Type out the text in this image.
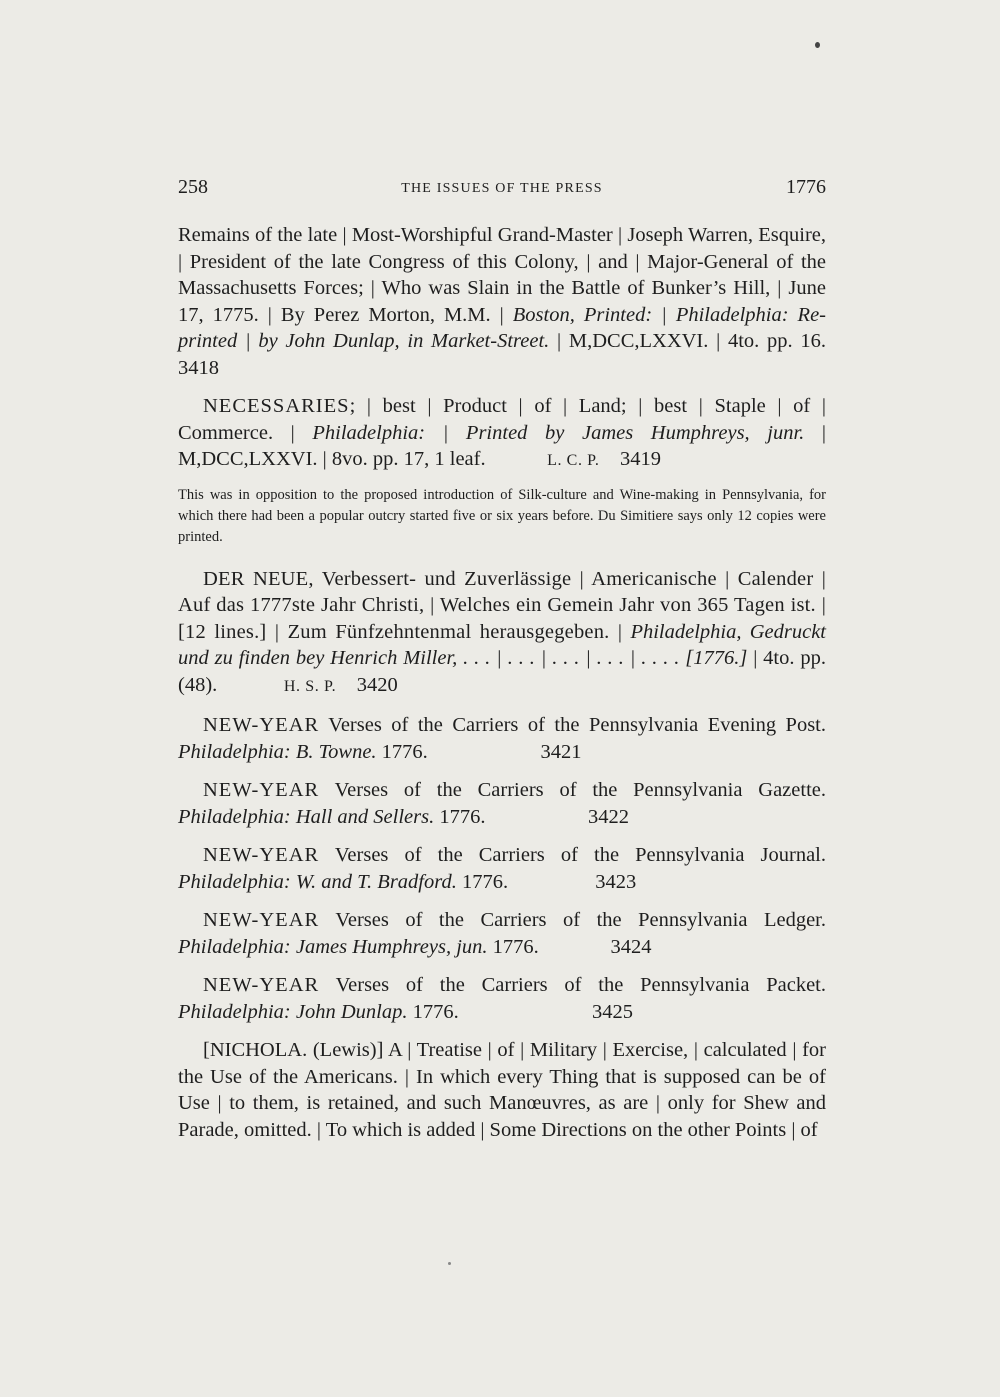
258	THE ISSUES OF THE PRESS	1776

Remains of the late | Most-Worshipful Grand-Master | Joseph Warren, Esquire, | President of the late Congress of this Colony, | and | Major-General of the Massachusetts Forces; | Who was Slain in the Battle of Bunker’s Hill, | June 17, 1775. | By Perez Morton, M.M. | Boston, Printed: | Philadelphia: Re-printed | by John Dunlap, in Market-Street. | M,DCC,LXXVI. | 4to. pp. 16. 3418

NECESSARIES; | best | Product | of | Land; | best | Staple | of | Commerce. | Philadelphia: | Printed by James Humphreys, junr. | M,DCC,LXXVI. | 8vo. pp. 17, 1 leaf.	L. C. P. 3419

This was in opposition to the proposed introduction of Silk-culture and Wine-making in Pennsylvania, for which there had been a popular outcry started five or six years before. Du Simitiere says only 12 copies were printed.

DER NEUE, Verbessert- und Zuverlässige | Americanische | Calender | Auf das 1777ste Jahr Christi, | Welches ein Gemein Jahr von 365 Tagen ist. | [12 lines.] | Zum Fünfzehntenmal herausgegeben. | Philadelphia, Gedruckt und zu finden bey Henrich Miller, . . . | . . . | . . . | . . . | . . . . [1776.] | 4to. pp. (48).	H. S. P. 3420

NEW-YEAR Verses of the Carriers of the Pennsylvania Evening Post. Philadelphia: B. Towne. 1776.	3421

NEW-YEAR Verses of the Carriers of the Pennsylvania Gazette. Philadelphia: Hall and Sellers. 1776.	3422

NEW-YEAR Verses of the Carriers of the Pennsylvania Journal. Philadelphia: W. and T. Bradford. 1776.	3423

NEW-YEAR Verses of the Carriers of the Pennsylvania Ledger. Philadelphia: James Humphreys, jun. 1776.	3424

NEW-YEAR Verses of the Carriers of the Pennsylvania Packet. Philadelphia: John Dunlap. 1776.	3425

[NICHOLA. (Lewis)] A | Treatise | of | Military | Exercise, | calculated | for the Use of the Americans. | In which every Thing that is supposed can be of Use | to them, is retained, and such Manœuvres, as are | only for Shew and Parade, omitted. | To which is added | Some Directions on the other Points | of
